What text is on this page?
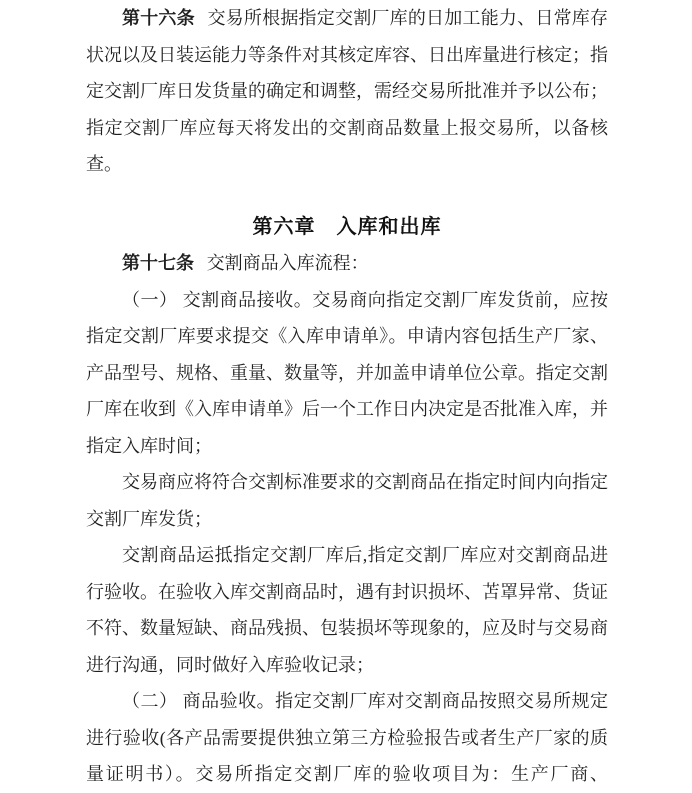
第十六条 交易所根据指定交割厂库的日加工能力、日常库存状况以及日装运能力等条件对其核定库容、日出库量进行核定；指定交割厂库日发货量的确定和调整，需经交易所批准并予以公布；指定交割厂库应每天将发出的交割商品数量上报交易所，以备核查。

第六章　入库和出库

第十七条 交割商品入库流程：

（一） 交割商品接收。交易商向指定交割厂库发货前，应按指定交割厂库要求提交《入库申请单》。申请内容包括生产厂家、产品型号、规格、重量、数量等，并加盖申请单位公章。指定交割厂库在收到《入库申请单》后一个工作日内决定是否批准入库，并指定入库时间；

交易商应将符合交割标准要求的交割商品在指定时间内向指定交割厂库发货；

交割商品运抵指定交割厂库后,指定交割厂库应对交割商品进行验收。在验收入库交割商品时，遇有封识损坏、苫罩异常、货证不符、数量短缺、商品残损、包装损坏等现象的，应及时与交易商进行沟通，同时做好入库验收记录；

（二） 商品验收。指定交割厂库对交割商品按照交易所规定进行验收(各产品需要提供独立第三方检验报告或者生产厂家的质量证明书）。交易所指定交割厂库的验收项目为：生产厂商、
